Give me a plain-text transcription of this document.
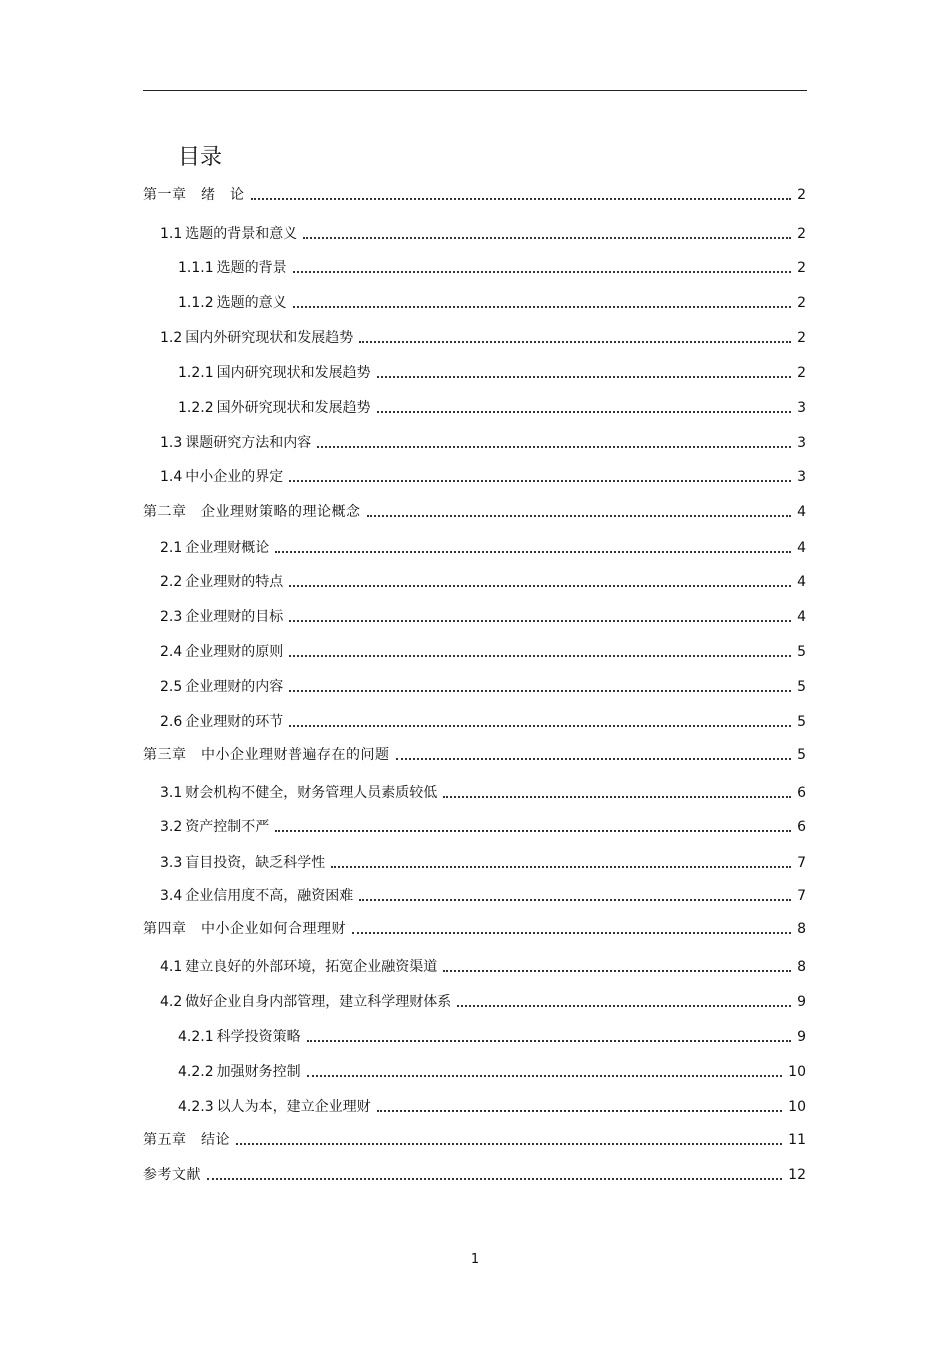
目录
第一章　绪　论	2
1.1 选题的背景和意义	2
1.1.1 选题的背景	2
1.1.2 选题的意义	2
1.2 国内外研究现状和发展趋势	2
1.2.1 国内研究现状和发展趋势	2
1.2.2 国外研究现状和发展趋势	3
1.3 课题研究方法和内容	3
1.4 中小企业的界定	3
第二章　企业理财策略的理论概念	4
2.1 企业理财概论	4
2.2 企业理财的特点	4
2.3 企业理财的目标	4
2.4 企业理财的原则	5
2.5 企业理财的内容	5
2.6 企业理财的环节	5
第三章　中小企业理财普遍存在的问题	5
3.1 财会机构不健全，财务管理人员素质较低	6
3.2 资产控制不严	6
3.3 盲目投资，缺乏科学性	7
3.4 企业信用度不高，融资困难	7
第四章　中小企业如何合理理财	8
4.1 建立良好的外部环境，拓宽企业融资渠道	8
4.2 做好企业自身内部管理，建立科学理财体系	9
4.2.1 科学投资策略	9
4.2.2 加强财务控制	10
4.2.3 以人为本，建立企业理财	10
第五章　结论	11
参考文献	12
1
